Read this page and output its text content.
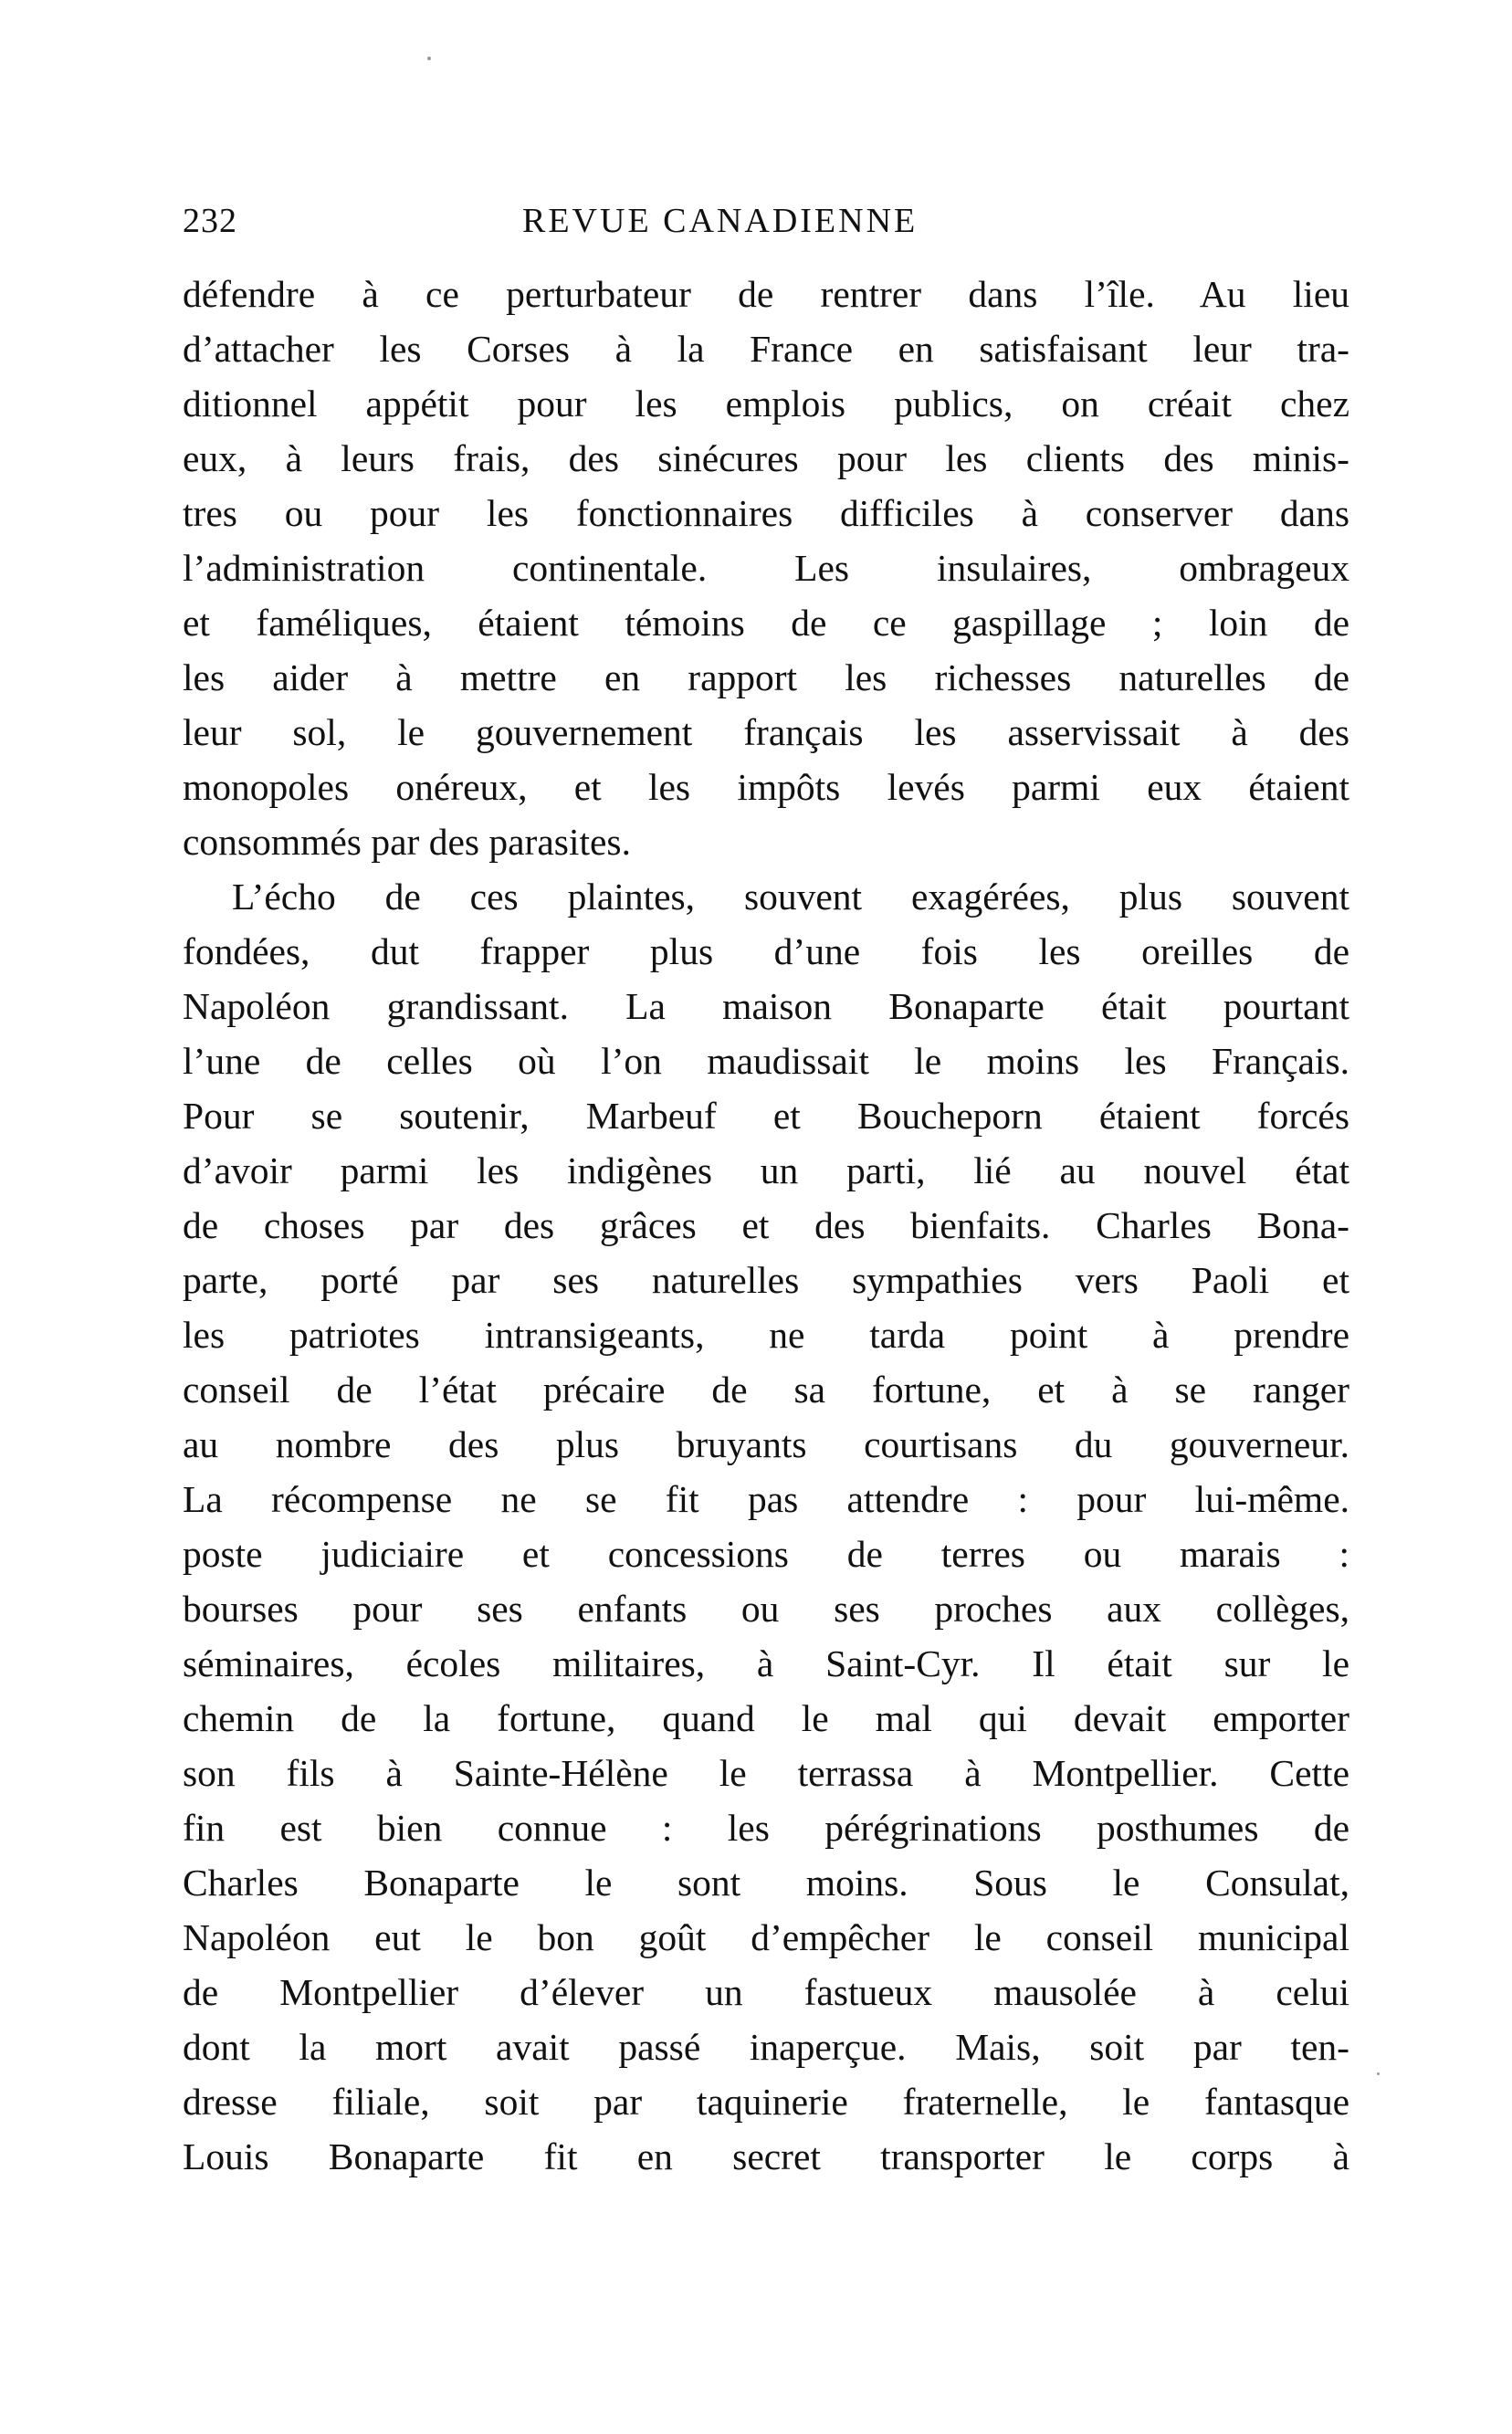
232	REVUE CANADIENNE
défendre à ce perturbateur de rentrer dans l’île. Au lieu
d’attacher les Corses à la France en satisfaisant leur tra-
ditionnel appétit pour les emplois publics, on créait chez
eux, à leurs frais, des sinécures pour les clients des minis-
tres ou pour les fonctionnaires difficiles à conserver dans
l’administration continentale. Les insulaires, ombrageux
et faméliques, étaient témoins de ce gaspillage ; loin de
les aider à mettre en rapport les richesses naturelles de
leur sol, le gouvernement français les asservissait à des
monopoles onéreux, et les impôts levés parmi eux étaient
consommés par des parasites.
L’écho de ces plaintes, souvent exagérées, plus souvent
fondées, dut frapper plus d’une fois les oreilles de
Napoléon grandissant. La maison Bonaparte était pourtant
l’une de celles où l’on maudissait le moins les Français.
Pour se soutenir, Marbeuf et Boucheporn étaient forcés
d’avoir parmi les indigènes un parti, lié au nouvel état
de choses par des grâces et des bienfaits. Charles Bona-
parte, porté par ses naturelles sympathies vers Paoli et
les patriotes intransigeants, ne tarda point à prendre
conseil de l’état précaire de sa fortune, et à se ranger
au nombre des plus bruyants courtisans du gouverneur.
La récompense ne se fit pas attendre : pour lui-même.
poste judiciaire et concessions de terres ou marais :
bourses pour ses enfants ou ses proches aux collèges,
séminaires, écoles militaires, à Saint-Cyr. Il était sur le
chemin de la fortune, quand le mal qui devait emporter
son fils à Sainte-Hélène le terrassa à Montpellier. Cette
fin est bien connue : les pérégrinations posthumes de
Charles Bonaparte le sont moins. Sous le Consulat,
Napoléon eut le bon goût d’empêcher le conseil municipal
de Montpellier d’élever un fastueux mausolée à celui
dont la mort avait passé inaperçue. Mais, soit par ten-
dresse filiale, soit par taquinerie fraternelle, le fantasque
Louis Bonaparte fit en secret transporter le corps à
